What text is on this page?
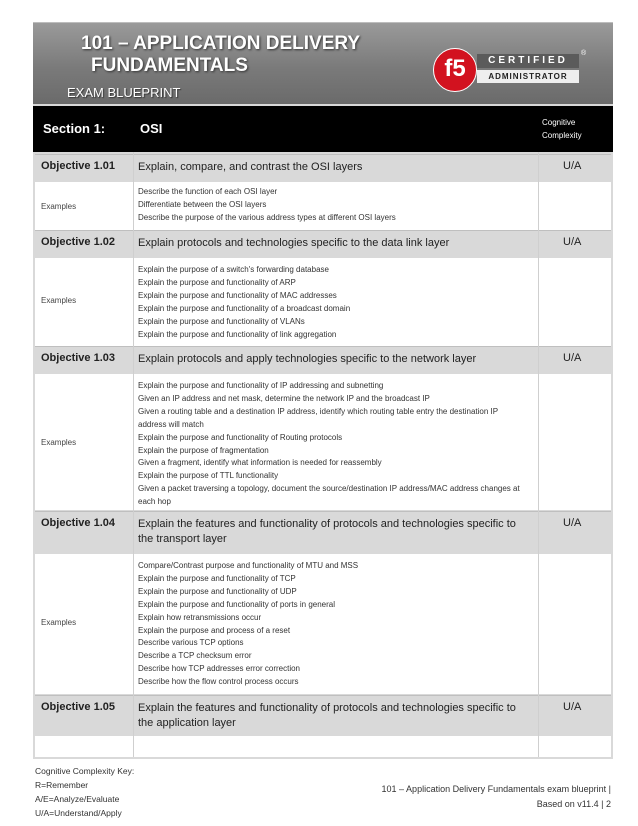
101 – APPLICATION DELIVERY
FUNDAMENTALS
EXAM BLUEPRINT
f5	CERTIFIED
ADMINISTRATOR
®
Section 1:	OSI	Cognitive
Complexity
Objective 1.01 Explain, compare, and contrast the OSI layers	U/A
Examples
Describe the function of each OSI layer
Differentiate between the OSI layers
Describe the purpose of the various address types at different OSI layers
Objective 1.02 Explain protocols and technologies specific to the data link layer	U/A
Examples
Explain the purpose of a switch's forwarding database
Explain the purpose and functionality of ARP
Explain the purpose and functionality of MAC addresses
Explain the purpose and functionality of a broadcast domain
Explain the purpose and functionality of VLANs
Explain the purpose and functionality of link aggregation
Objective 1.03 Explain protocols and apply technologies specific to the network layer	U/A
Examples
Explain the purpose and functionality of IP addressing and subnetting
Given an IP address and net mask, determine the network IP and the broadcast IP
Given a routing table and a destination IP address, identify which routing table entry the destination IP
address will match
Explain the purpose and functionality of Routing protocols
Explain the purpose of fragmentation
Given a fragment, identify what information is needed for reassembly
Explain the purpose of TTL functionality
Given a packet traversing a topology, document the source/destination IP address/MAC address changes at
each hop
Objective 1.04 Explain the features and functionality of protocols and technologies specific to the transport layer
U/A
Examples
Compare/Contrast purpose and functionality of MTU and MSS
Explain the purpose and functionality of TCP
Explain the purpose and functionality of UDP
Explain the purpose and functionality of ports in general
Explain how retransmissions occur
Explain the purpose and process of a reset
Describe various TCP options
Describe a TCP checksum error
Describe how TCP addresses error correction
Describe how the flow control process occurs
Objective 1.05 Explain the features and functionality of protocols and technologies specific to the application layer
U/A
Cognitive Complexity Key:
R=Remember
A/E=Analyze/Evaluate
U/A=Understand/Apply
101 – Application Delivery Fundamentals exam blueprint |
Based on v11.4 | 2
